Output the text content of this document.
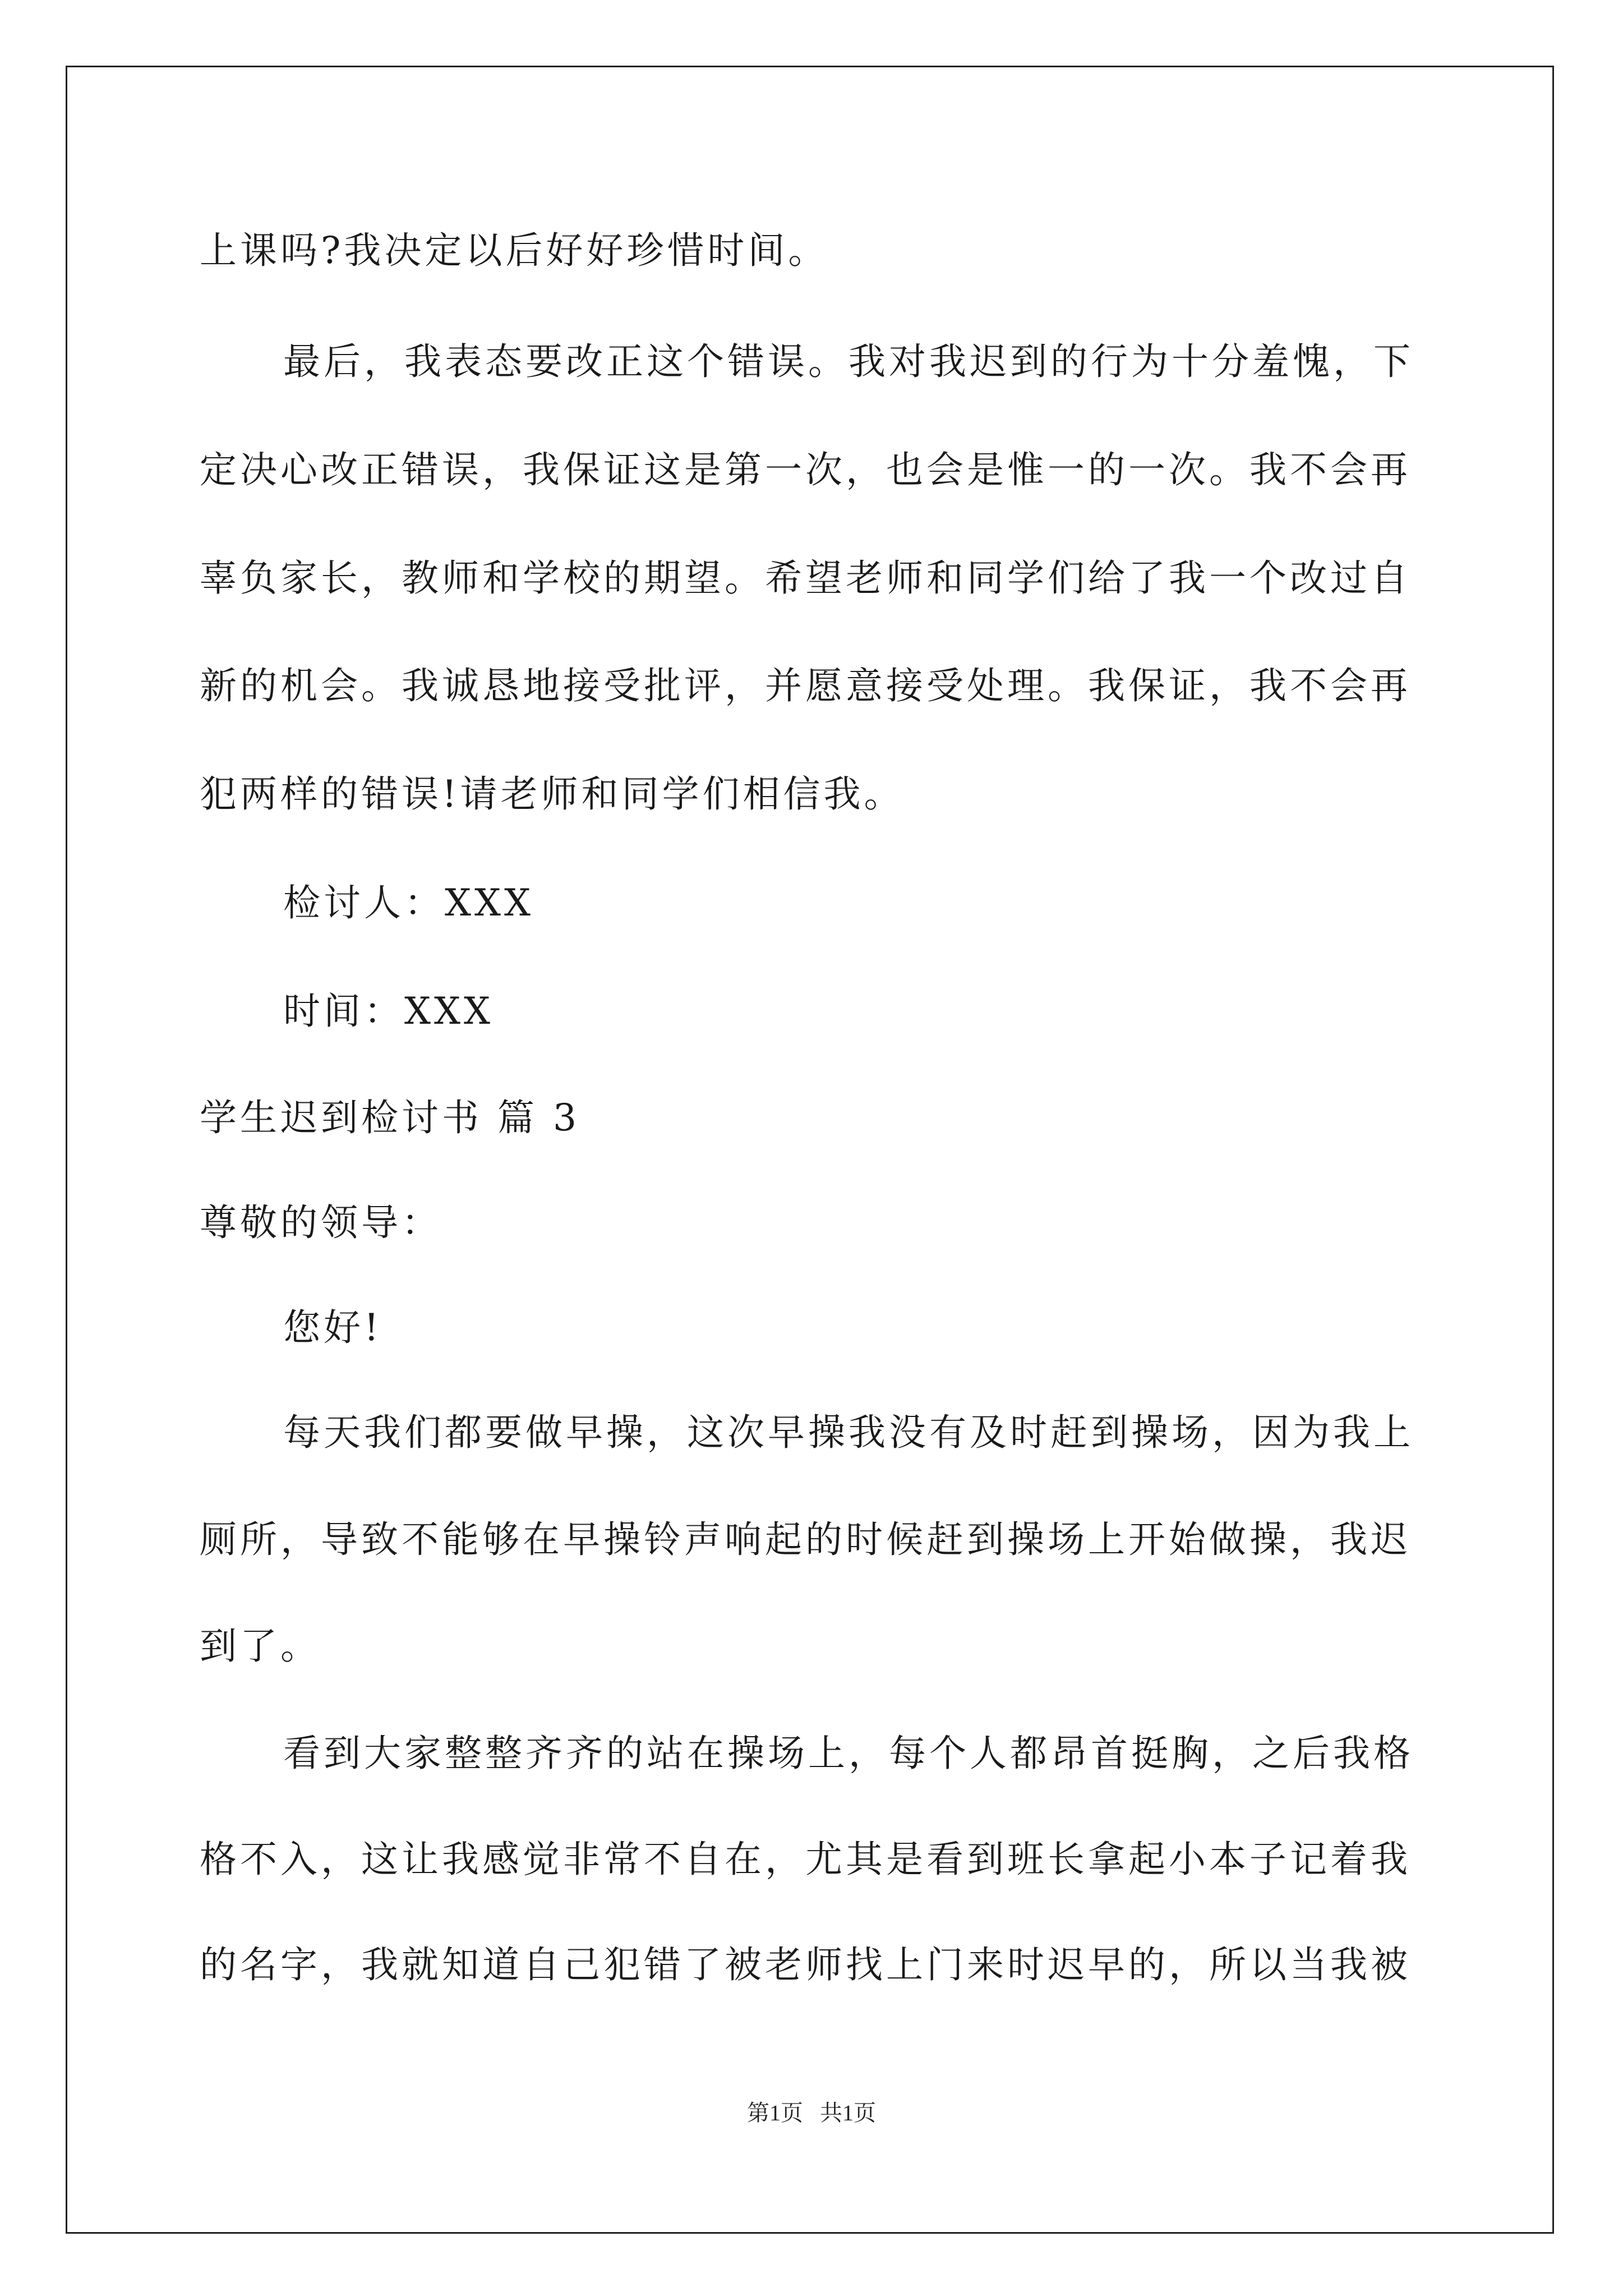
上课吗?我决定以后好好珍惜时间。
最后，我表态要改正这个错误。我对我迟到的行为十分羞愧，下
定决心改正错误，我保证这是第一次，也会是惟一的一次。我不会再
辜负家长，教师和学校的期望。希望老师和同学们给了我一个改过自
新的机会。我诚恳地接受批评，并愿意接受处理。我保证，我不会再
犯两样的错误!请老师和同学们相信我。
检讨人：XXX
时间：XXX
学生迟到检讨书 篇 3
尊敬的领导：
您好!
每天我们都要做早操，这次早操我没有及时赶到操场，因为我上
厕所，导致不能够在早操铃声响起的时候赶到操场上开始做操，我迟
到了。
看到大家整整齐齐的站在操场上，每个人都昂首挺胸，之后我格
格不入，这让我感觉非常不自在，尤其是看到班长拿起小本子记着我
的名字，我就知道自己犯错了被老师找上门来时迟早的，所以当我被
第1页   共1页
